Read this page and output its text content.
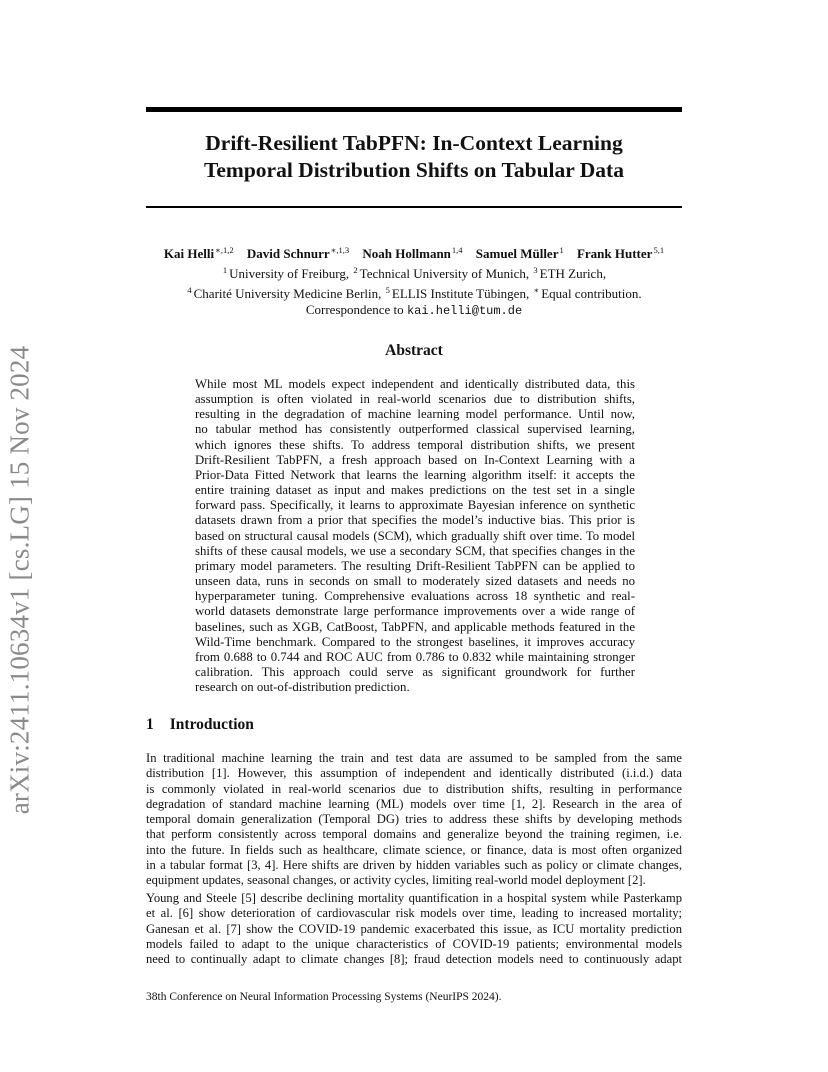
arXiv:2411.10634v1 [cs.LG] 15 Nov 2024
Drift-Resilient TabPFN: In-Context Learning
Temporal Distribution Shifts on Tabular Data
Kai Helli$^{∗,1,2}$ David Schnurr$^{∗,1,3}$ Noah Hollmann$^{1,4}$ Samuel Müller$^1$ Frank Hutter$^{5,1}$
$^1$ University of Freiburg, $^2$ Technical University of Munich, $^3$ ETH Zurich,
$^4$ Charité University Medicine Berlin, $^5$ ELLIS Institute Tübingen, ∗ Equal contribution.
Correspondence to kai.helli@tum.de
Abstract
While most ML models expect independent and identically distributed data, this
assumption is often violated in real-world scenarios due to distribution shifts,
resulting in the degradation of machine learning model performance. Until now,
no tabular method has consistently outperformed classical supervised learning,
which ignores these shifts. To address temporal distribution shifts, we present
Drift-Resilient TabPFN, a fresh approach based on In-Context Learning with a
Prior-Data Fitted Network that learns the learning algorithm itself: it accepts the
entire training dataset as input and makes predictions on the test set in a single
forward pass. Specifically, it learns to approximate Bayesian inference on synthetic
datasets drawn from a prior that specifies the model’s inductive bias. This prior is
based on structural causal models (SCM), which gradually shift over time. To model
shifts of these causal models, we use a secondary SCM, that specifies changes in the
primary model parameters. The resulting Drift-Resilient TabPFN can be applied to
unseen data, runs in seconds on small to moderately sized datasets and needs no
hyperparameter tuning. Comprehensive evaluations across 18 synthetic and real-
world datasets demonstrate large performance improvements over a wide range of
baselines, such as XGB, CatBoost, TabPFN, and applicable methods featured in the
Wild-Time benchmark. Compared to the strongest baselines, it improves accuracy
from 0.688 to 0.744 and ROC AUC from 0.786 to 0.832 while maintaining stronger
calibration. This approach could serve as significant groundwork for further
research on out-of-distribution prediction.
1 Introduction
In traditional machine learning the train and test data are assumed to be sampled from the same
distribution [1]. However, this assumption of independent and identically distributed (i.i.d.) data
is commonly violated in real-world scenarios due to distribution shifts, resulting in performance
degradation of standard machine learning (ML) models over time [1, 2]. Research in the area of
temporal domain generalization (Temporal DG) tries to address these shifts by developing methods
that perform consistently across temporal domains and generalize beyond the training regimen, i.e.
into the future. In fields such as healthcare, climate science, or finance, data is most often organized
in a tabular format [3, 4]. Here shifts are driven by hidden variables such as policy or climate changes,
equipment updates, seasonal changes, or activity cycles, limiting real-world model deployment [2].
Young and Steele [5] describe declining mortality quantification in a hospital system while Pasterkamp
et al. [6] show deterioration of cardiovascular risk models over time, leading to increased mortality;
Ganesan et al. [7] show the COVID-19 pandemic exacerbated this issue, as ICU mortality prediction
models failed to adapt to the unique characteristics of COVID-19 patients; environmental models
need to continually adapt to climate changes [8]; fraud detection models need to continuously adapt
38th Conference on Neural Information Processing Systems (NeurIPS 2024).
